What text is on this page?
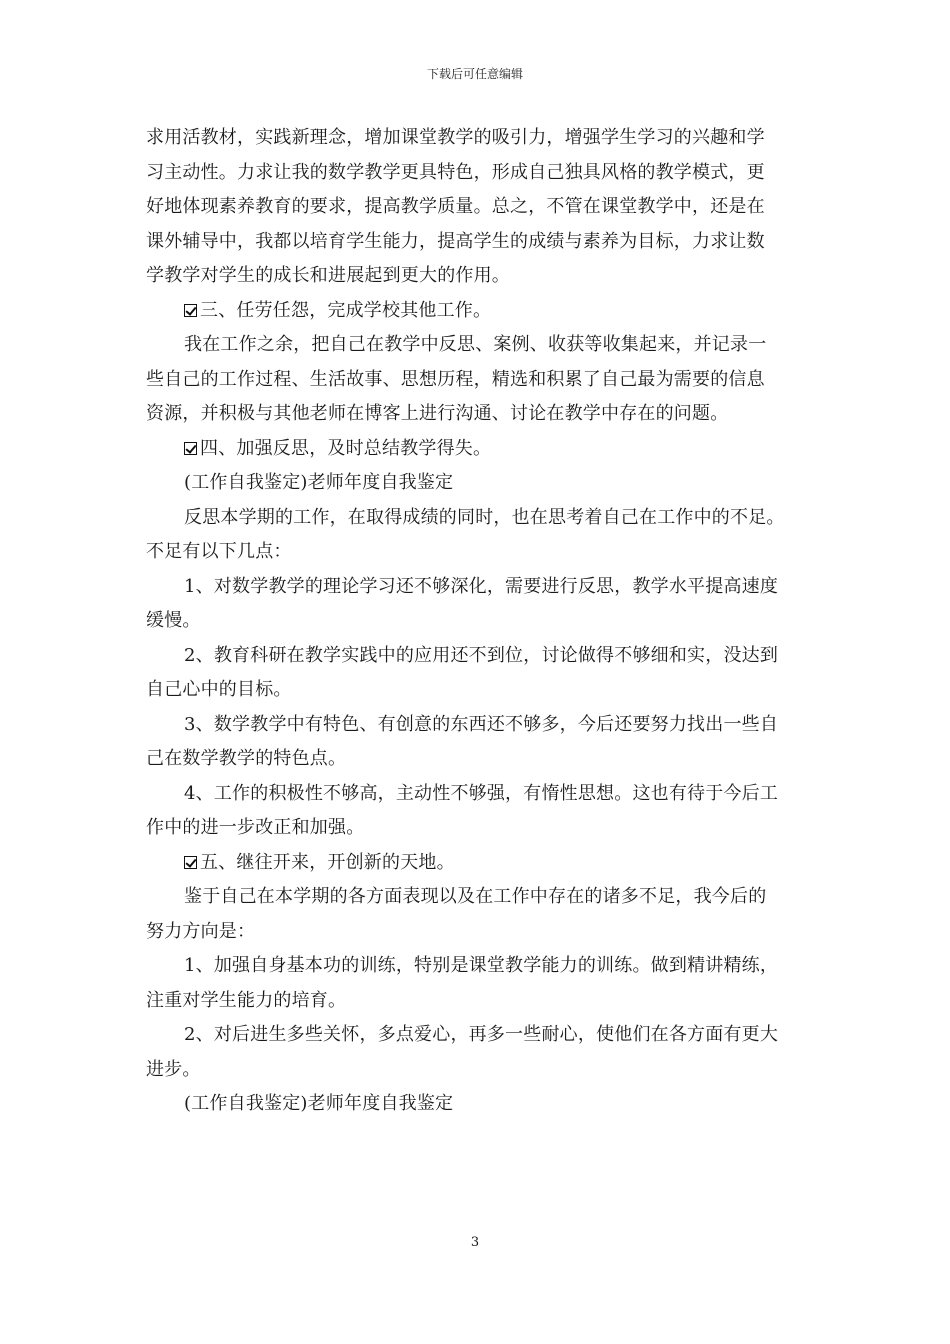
下载后可任意编辑

求用活教材，实践新理念，增加课堂教学的吸引力，增强学生学习的兴趣和学

习主动性。力求让我的数学教学更具特色，形成自己独具风格的教学模式，更

好地体现素养教育的要求，提高教学质量。总之，不管在课堂教学中，还是在

课外辅导中，我都以培育学生能力，提高学生的成绩与素养为目标，力求让数

学教学对学生的成长和进展起到更大的作用。

三、任劳任怨，完成学校其他工作。

我在工作之余，把自己在教学中反思、案例、收获等收集起来，并记录一

些自己的工作过程、生活故事、思想历程，精选和积累了自己最为需要的信息

资源，并积极与其他老师在博客上进行沟通、讨论在教学中存在的问题。

四、加强反思，及时总结教学得失。

(工作自我鉴定)老师年度自我鉴定

反思本学期的工作，在取得成绩的同时，也在思考着自己在工作中的不足。

不足有以下几点：

1、对数学教学的理论学习还不够深化，需要进行反思，教学水平提高速度

缓慢。

2、教育科研在教学实践中的应用还不到位，讨论做得不够细和实，没达到

自己心中的目标。

3、数学教学中有特色、有创意的东西还不够多，今后还要努力找出一些自

己在数学教学的特色点。

4、工作的积极性不够高，主动性不够强，有惰性思想。这也有待于今后工

作中的进一步改正和加强。

五、继往开来，开创新的天地。

鉴于自己在本学期的各方面表现以及在工作中存在的诸多不足，我今后的

努力方向是：

1、加强自身基本功的训练，特别是课堂教学能力的训练。做到精讲精练，

注重对学生能力的培育。

2、对后进生多些关怀，多点爱心，再多一些耐心，使他们在各方面有更大

进步。

(工作自我鉴定)老师年度自我鉴定

3
